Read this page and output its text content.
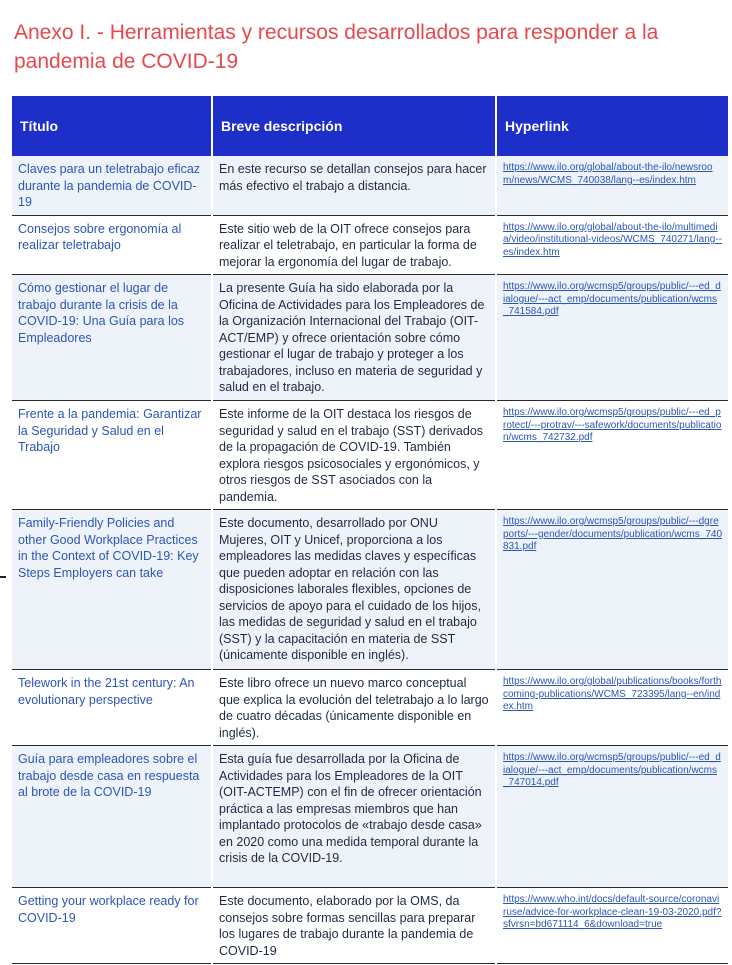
Anexo I. - Herramientas y recursos desarrollados para responder a la pandemia de COVID-19
Título	Breve descripción	Hyperlink
Claves para un teletrabajo eficaz durante la pandemia de COVID-19	En este recurso se detallan consejos para hacer más efectivo el trabajo a distancia.	https://www.ilo.org/global/about-the-ilo/newsroom/news/WCMS_740038/lang--es/index.htm
Consejos sobre ergonomía al realizar teletrabajo	Este sitio web de la OIT ofrece consejos para realizar el teletrabajo, en particular la forma de mejorar la ergonomía del lugar de trabajo.	https://www.ilo.org/global/about-the-ilo/multimedia/video/institutional-videos/WCMS_740271/lang--es/index.htm
Cómo gestionar el lugar de trabajo durante la crisis de la COVID-19: Una Guía para los Empleadores	La presente Guía ha sido elaborada por la Oficina de Actividades para los Empleadores de la Organización Internacional del Trabajo (OIT-ACT/EMP) y ofrece orientación sobre cómo gestionar el lugar de trabajo y proteger a los trabajadores, incluso en materia de seguridad y salud en el trabajo.	https://www.ilo.org/wcmsp5/groups/public/---ed_dialogue/---act_emp/documents/publication/wcms_741584.pdf
Frente a la pandemia: Garantizar la Seguridad y Salud en el Trabajo	Este informe de la OIT destaca los riesgos de seguridad y salud en el trabajo (SST) derivados de la propagación de COVID-19. También explora riesgos psicosociales y ergonómicos, y otros riesgos de SST asociados con la pandemia.	https://www.ilo.org/wcmsp5/groups/public/---ed_protect/---protrav/---safework/documents/publication/wcms_742732.pdf
Family-Friendly Policies and other Good Workplace Practices in the Context of COVID-19: Key Steps Employers can take	Este documento, desarrollado por ONU Mujeres, OIT y Unicef, proporciona a los empleadores las medidas claves y específicas que pueden adoptar en relación con las disposiciones laborales flexibles, opciones de servicios de apoyo para el cuidado de los hijos, las medidas de seguridad y salud en el trabajo (SST) y la capacitación en materia de SST (únicamente disponible en inglés).	https://www.ilo.org/wcmsp5/groups/public/---dgreports/---gender/documents/publication/wcms_740831.pdf
Telework in the 21st century: An evolutionary perspective	Este libro ofrece un nuevo marco conceptual que explica la evolución del teletrabajo a lo largo de cuatro décadas (únicamente disponible en inglés).	https://www.ilo.org/global/publications/books/forthcoming-publications/WCMS_723395/lang--en/index.htm
Guía para empleadores sobre el trabajo desde casa en respuesta al brote de la COVID-19	Esta guía fue desarrollada por la Oficina de Actividades para los Empleadores de la OIT (OIT-ACTEMP) con el fin de ofrecer orientación práctica a las empresas miembros que han implantado protocolos de «trabajo desde casa» en 2020 como una medida temporal durante la crisis de la COVID-19.	https://www.ilo.org/wcmsp5/groups/public/---ed_dialogue/---act_emp/documents/publication/wcms_747014.pdf
Getting your workplace ready for COVID-19	Este documento, elaborado por la OMS, da consejos sobre formas sencillas para preparar los lugares de trabajo durante la pandemia de COVID-19	https://www.who.int/docs/default-source/coronaviruse/advice-for-workplace-clean-19-03-2020.pdf?sfvrsn=bd671114_6&download=true
